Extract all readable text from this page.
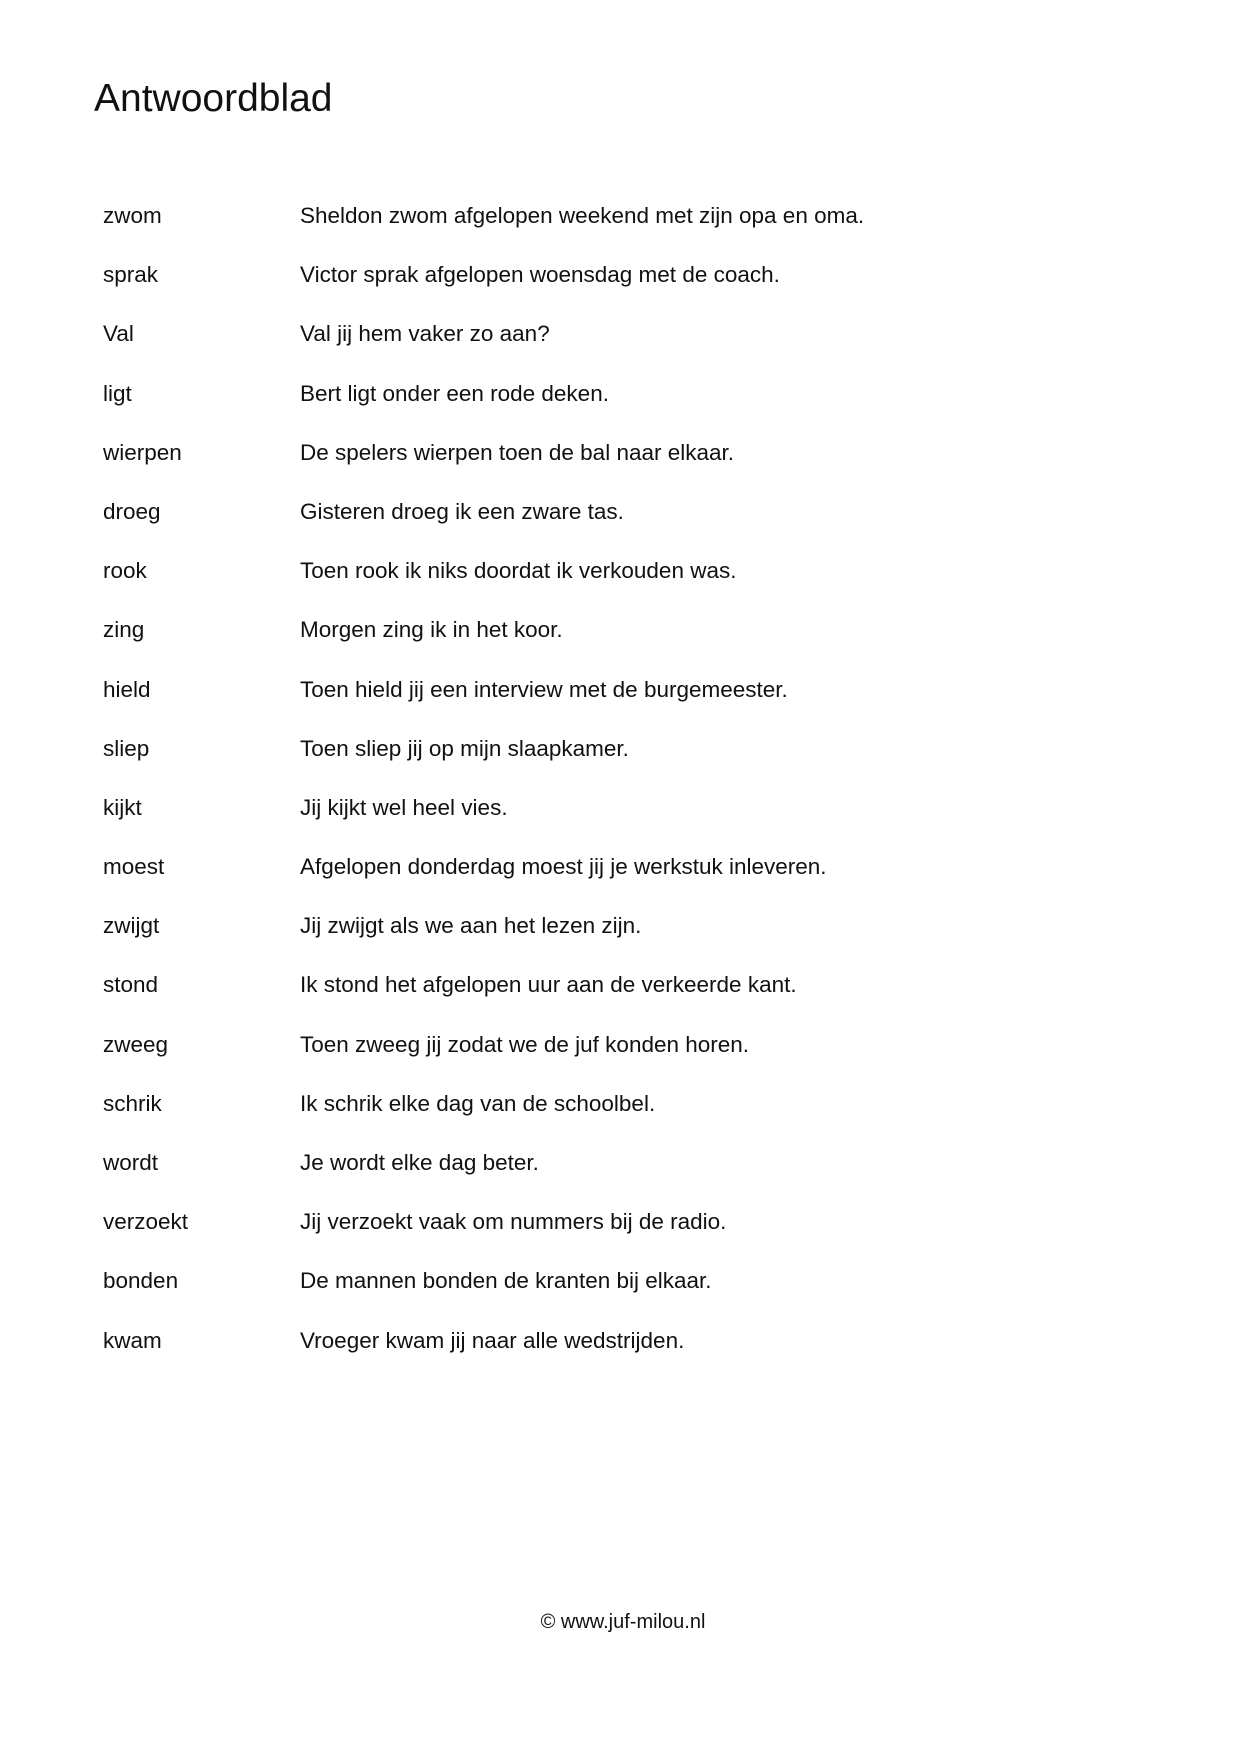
Antwoordblad
zwom	Sheldon zwom afgelopen weekend met zijn opa en oma.
sprak	Victor sprak afgelopen woensdag met de coach.
Val	Val jij hem vaker zo aan?
ligt	Bert ligt onder een rode deken.
wierpen	De spelers wierpen toen de bal naar elkaar.
droeg	Gisteren droeg ik een zware tas.
rook	Toen rook ik niks doordat ik verkouden was.
zing	Morgen zing ik in het koor.
hield	Toen hield jij een interview met de burgemeester.
sliep	Toen sliep jij op mijn slaapkamer.
kijkt	Jij kijkt wel heel vies.
moest	Afgelopen donderdag moest jij je werkstuk inleveren.
zwijgt	Jij zwijgt als we aan het lezen zijn.
stond	Ik stond het afgelopen uur aan de verkeerde kant.
zweeg	Toen zweeg jij zodat we de juf konden horen.
schrik	Ik schrik elke dag van de schoolbel.
wordt	Je wordt elke dag beter.
verzoekt	Jij verzoekt vaak om nummers bij de radio.
bonden	De mannen bonden de kranten bij elkaar.
kwam	Vroeger kwam jij naar alle wedstrijden.
© www.juf-milou.nl
